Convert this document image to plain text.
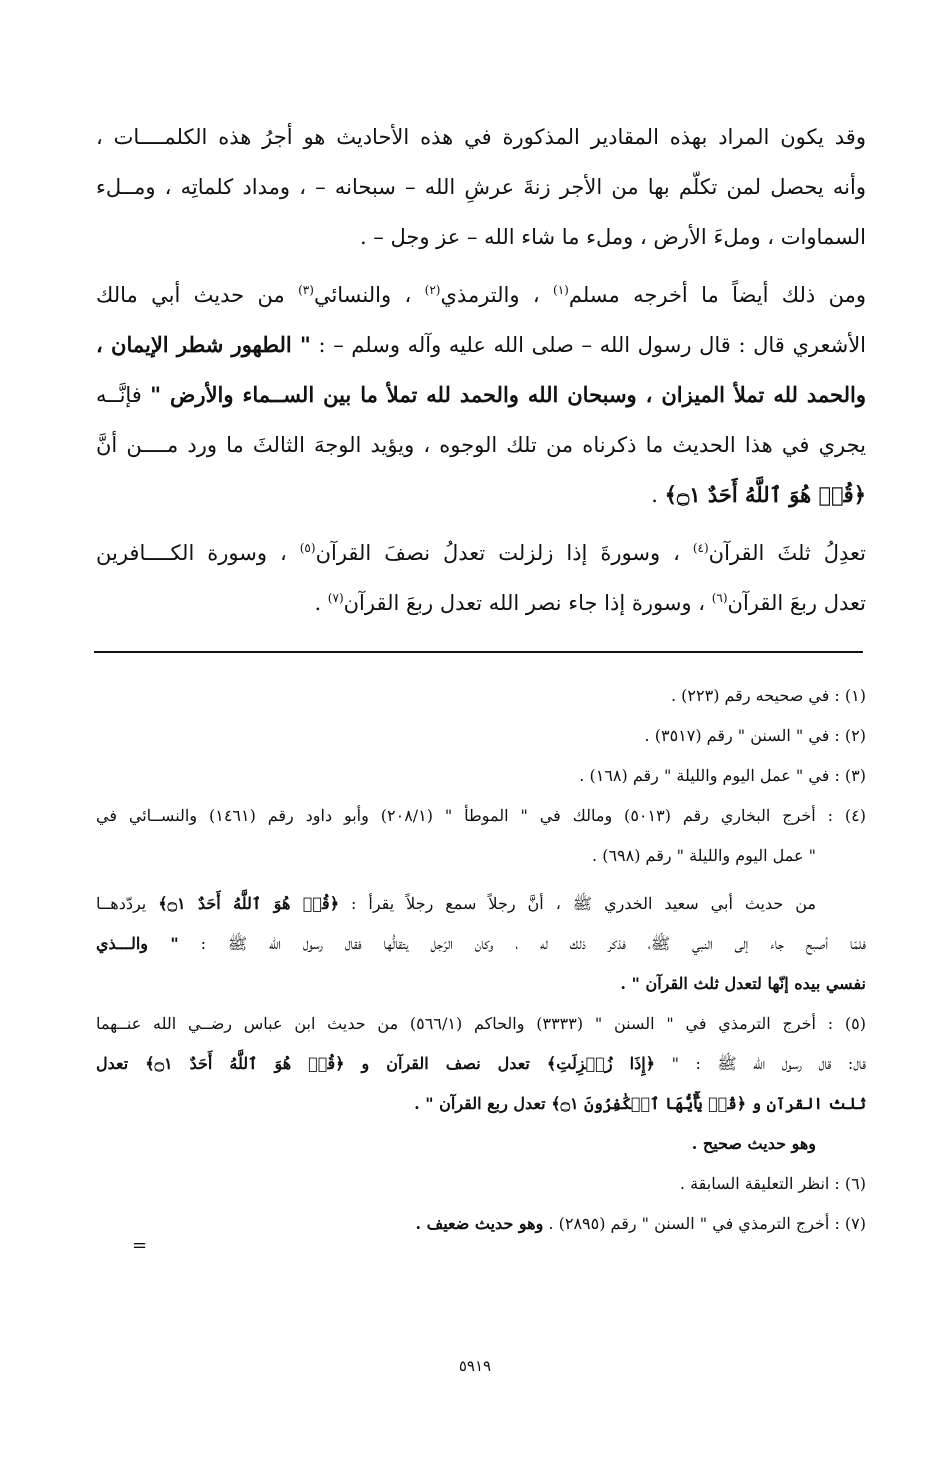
وقد يكون المراد بهذه المقادير المذكورة في هذه الأحاديث هو أجرُ هذه الكلمــــات ،
وأنه يحصل لمن تكلّم بها من الأجر زنةَ عرشِ الله – سبحانه – ، ومداد كلماتِه ، ومــلء
السماوات ، وملءَ الأرض ، وملء ما شاء الله – عز وجل – .
ومن ذلك أيضاً ما أخرجه مسلم$^{(١)}$ ، والترمذي$^{(٢)}$ ، والنسائي$^{(٣)}$ من حديث أبي مالك
الأشعري قال : قال رسول الله – صلى الله عليه وآله وسلم – : " الطهور شطر الإيمان ،
والحمد لله تملأ الميزان ، وسبحان الله والحمد لله تملأ ما بين الســماء والأرض " فإنَّــه
يجري في هذا الحديث ما ذكرناه من تلك الوجوه ، ويؤيد الوجهَ الثالثَ ما ورد مــــن أنَّ
﴿قُلۡ هُوَ ٱللَّهُ أَحَدٌ ۝١﴾ .
تعدِلُ ثلثَ القرآن$^{(٤)}$ ، وسورةَ إذا زلزلت تعدلُ نصفَ القرآن$^{(٥)}$ ، وسورة الكــــافرين
تعدل ربعَ القرآن$^{(٦)}$ ، وسورة إذا جاء نصر الله تعدل ربعَ القرآن$^{(٧)}$ .
(١) : في صحيحه رقم (٢٢٣) .
(٢) : في " السنن " رقم (٣٥١٧) .
(٣) : في " عمل اليوم والليلة " رقم (١٦٨) .
(٤) : أخرج البخاري رقم (٥٠١٣) ومالك في " الموطأ " (٢٠٨/١) وأبو داود رقم (١٤٦١) والنســائي في
" عمل اليوم والليلة " رقم (٦٩٨) .
من حديث أبي سعيد الخدري ﷺ ، أنَّ رجلاً سمع رجلاً يقرأ : ﴿قُلۡ هُوَ ٱللَّهُ أَحَدٌ ۝١﴾ يردّدهــا
فلمّا أصبح جاء إلى النبي ﷺ، فذكر ذلك له ، وكان الرّجل يتقالُّها فقال رسول الله ﷺ : " والـــذي
نفسي بيده إنّها لتعدل ثلث القرآن " .
(٥) : أخرج الترمذي في " السنن " (٣٣٣٣) والحاكم (٥٦٦/١) من حديث ابن عباس رضــي الله عنــهما
قال: قال رسول الله ﷺ : " ﴿إِذَا زُلۡزِلَتِ﴾ تعدل نصف القرآن و ﴿قُلۡ هُوَ ٱللَّهُ أَحَدٌ ۝١﴾ تعدل
ثلث القرآن و ﴿قُلۡ يَٰٓأَيُّهَا ٱلۡكَٰفِرُونَ ۝١﴾ تعدل ربع القرآن " .
وهو حديث صحيح .
(٦) : انظر التعليقة السابقة .
(٧) : أخرج الترمذي في " السنن " رقم (٢٨٩٥) . وهو حديث ضعيف .
=
٥٩١٩
